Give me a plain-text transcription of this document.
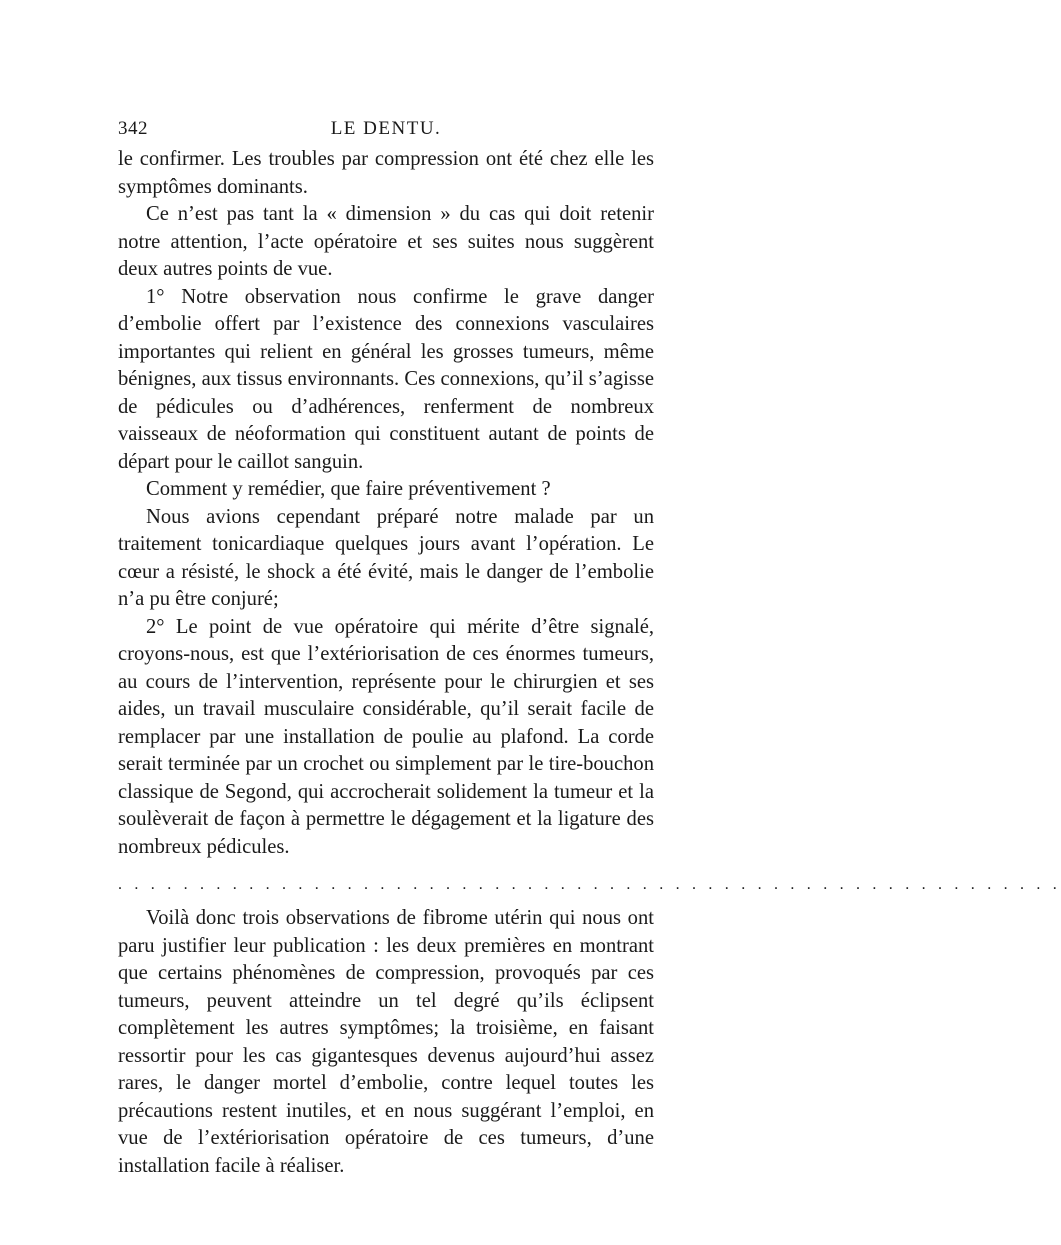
342	LE DENTU.

le confirmer. Les troubles par compression ont été chez elle les symptômes dominants.

Ce n’est pas tant la « dimension » du cas qui doit retenir notre attention, l’acte opératoire et ses suites nous suggèrent deux autres points de vue.

1° Notre observation nous confirme le grave danger d’embolie offert par l’existence des connexions vasculaires importantes qui relient en général les grosses tumeurs, même bénignes, aux tissus environnants. Ces connexions, qu’il s’agisse de pédicules ou d’adhérences, renferment de nombreux vaisseaux de néoformation qui constituent autant de points de départ pour le caillot sanguin.

Comment y remédier, que faire préventivement ?

Nous avions cependant préparé notre malade par un traitement tonicardiaque quelques jours avant l’opération. Le cœur a résisté, le shock a été évité, mais le danger de l’embolie n’a pu être conjuré;

2° Le point de vue opératoire qui mérite d’être signalé, croyons-nous, est que l’extériorisation de ces énormes tumeurs, au cours de l’intervention, représente pour le chirurgien et ses aides, un travail musculaire considérable, qu’il serait facile de remplacer par une installation de poulie au plafond. La corde serait terminée par un crochet ou simplement par le tire-bouchon classique de Segond, qui accrocherait solidement la tumeur et la soulèverait de façon à permettre le dégagement et la ligature des nombreux pédicules.

. . . . . . . . . . . . . . . . . . . . . . . . . . . . . . . . . . . . . . . . . . . . . . . . . . . . . . . . . .

Voilà donc trois observations de fibrome utérin qui nous ont paru justifier leur publication : les deux premières en montrant que certains phénomènes de compression, provoqués par ces tumeurs, peuvent atteindre un tel degré qu’ils éclipsent complètement les autres symptômes; la troisième, en faisant ressortir pour les cas gigantesques devenus aujourd’hui assez rares, le danger mortel d’embolie, contre lequel toutes les précautions restent inutiles, et en nous suggérant l’emploi, en vue de l’extériorisation opératoire de ces tumeurs, d’une installation facile à réaliser.
